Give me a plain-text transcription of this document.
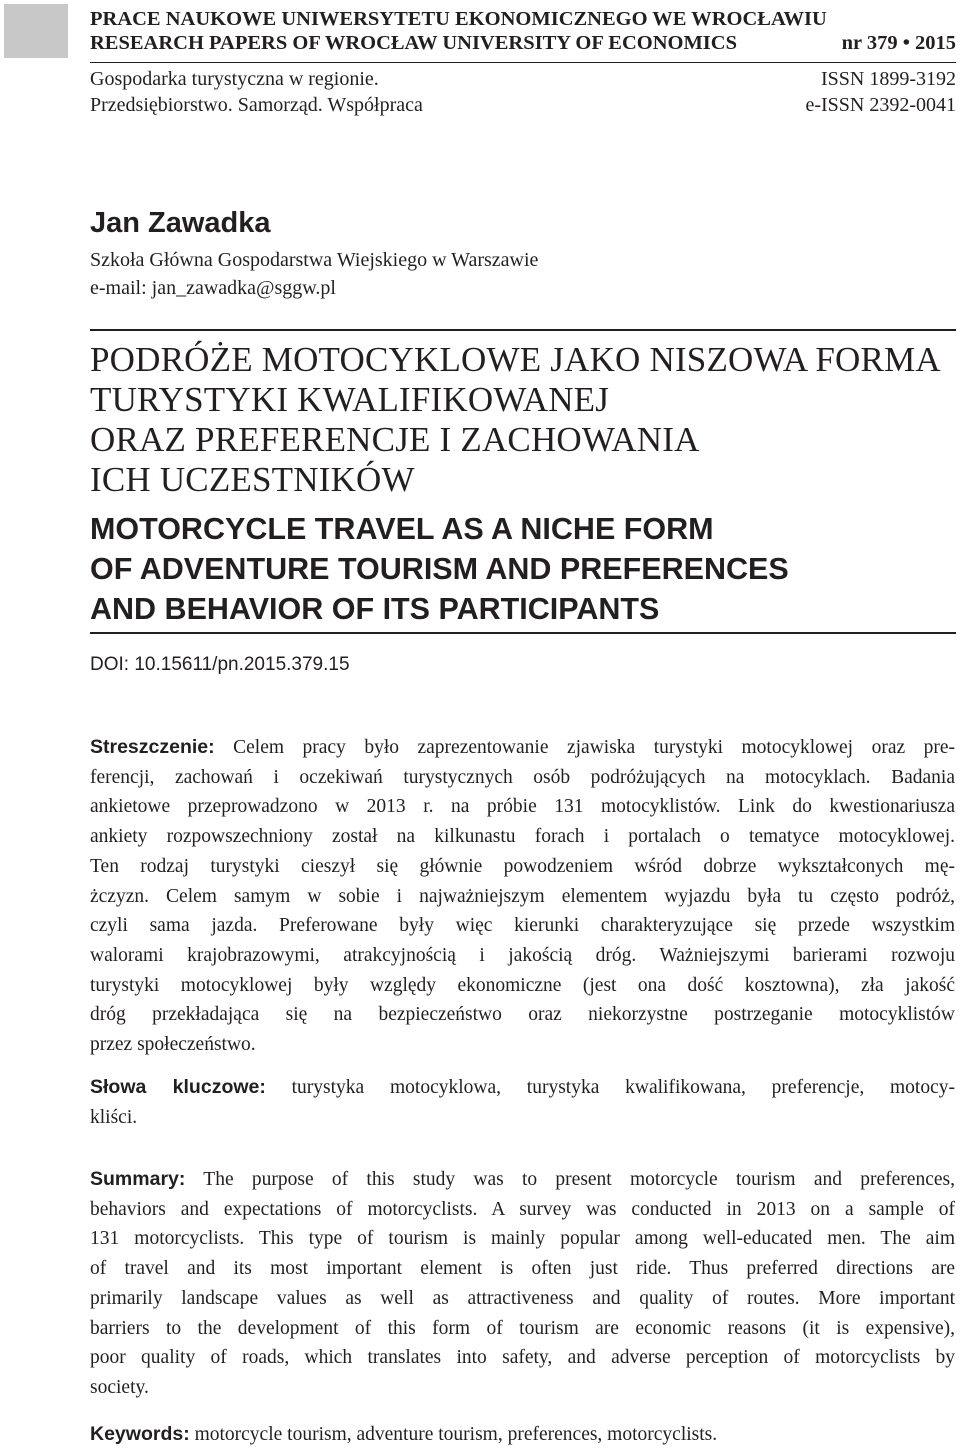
PRACE NAUKOWE UNIWERSYTETU EKONOMICZNEGO WE WROCŁAWIU
RESEARCH PAPERS OF WROCŁAW UNIVERSITY OF ECONOMICS	nr 379 • 2015
Gospodarka turystyczna w regionie.
Przedsiębiorstwo. Samorząd. Współpraca
ISSN 1899-3192
e-ISSN 2392-0041
Jan Zawadka
Szkoła Główna Gospodarstwa Wiejskiego w Warszawie
e-mail: jan_zawadka@sggw.pl
PODRÓŻE MOTOCYKLOWE JAKO NISZOWA FORMA
TURYSTYKI KWALIFIKOWANEJ
ORAZ PREFERENCJE I ZACHOWANIA
ICH UCZESTNIKÓW
MOTORCYCLE TRAVEL AS A NICHE FORM
OF ADVENTURE TOURISM AND PREFERENCES
AND BEHAVIOR OF ITS PARTICIPANTS
DOI: 10.15611/pn.2015.379.15
Streszczenie: Celem pracy było zaprezentowanie zjawiska turystyki motocyklowej oraz pre-
ferencji, zachowań i oczekiwań turystycznych osób podróżujących na motocyklach. Badania
ankietowe przeprowadzono w 2013 r. na próbie 131 motocyklistów. Link do kwestionariusza
ankiety rozpowszechniony został na kilkunastu forach i portalach o tematyce motocyklowej.
Ten rodzaj turystyki cieszył się głównie powodzeniem wśród dobrze wykształconych mę-
żczyzn. Celem samym w sobie i najważniejszym elementem wyjazdu była tu często podróż,
czyli sama jazda. Preferowane były więc kierunki charakteryzujące się przede wszystkim
walorami krajobrazowymi, atrakcyjnością i jakością dróg. Ważniejszymi barierami rozwoju
turystyki motocyklowej były względy ekonomiczne (jest ona dość kosztowna), zła jakość
dróg przekładająca się na bezpieczeństwo oraz niekorzystne postrzeganie motocyklistów
przez społeczeństwo.
Słowa kluczowe: turystyka motocyklowa, turystyka kwalifikowana, preferencje, motocy-
kliści.
Summary: The purpose of this study was to present motorcycle tourism and preferences,
behaviors and expectations of motorcyclists. A survey was conducted in 2013 on a sample of
131 motorcyclists. This type of tourism is mainly popular among well-educated men. The aim
of travel and its most important element is often just ride. Thus preferred directions are
primarily landscape values as well as attractiveness and quality of routes. More important
barriers to the development of this form of tourism are economic reasons (it is expensive),
poor quality of roads, which translates into safety, and adverse perception of motorcyclists by
society.
Keywords: motorcycle tourism, adventure tourism, preferences, motorcyclists.
